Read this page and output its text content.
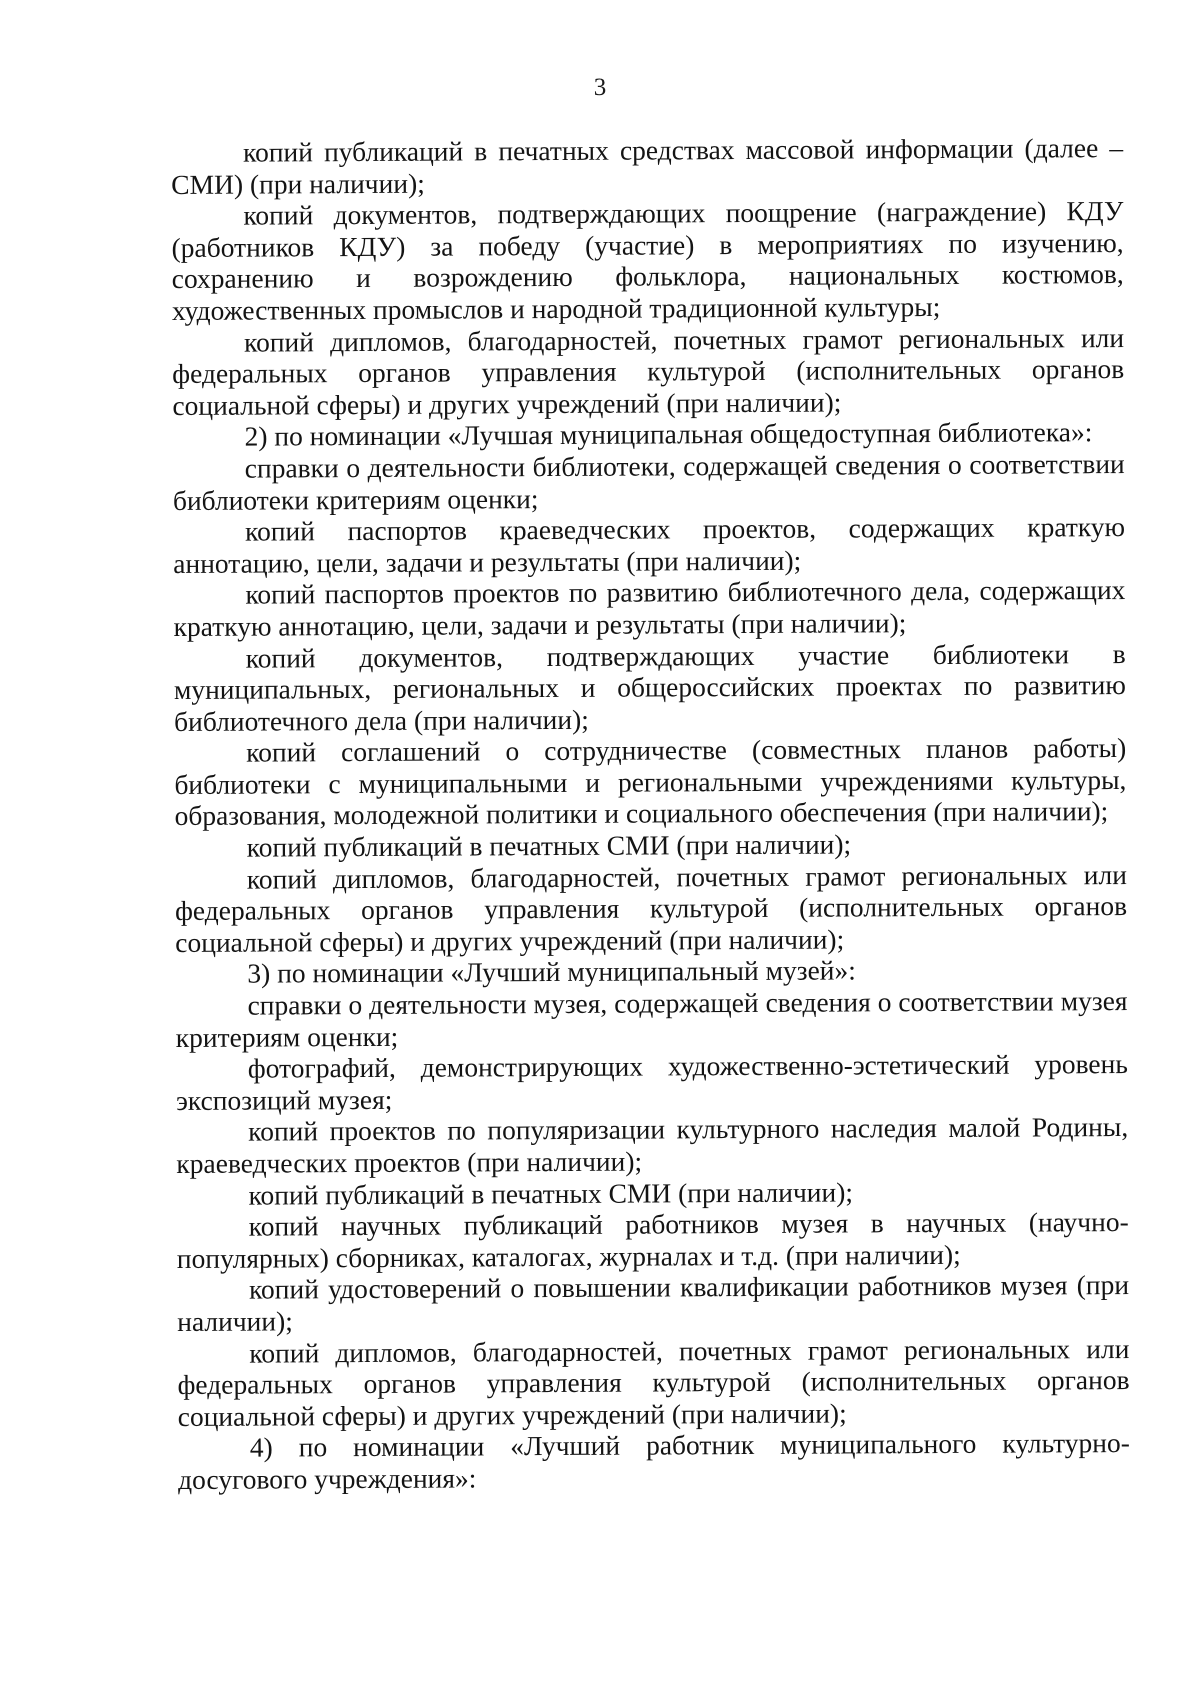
3

копий публикаций в печатных средствах массовой информации (далее – СМИ) (при наличии);

копий документов, подтверждающих поощрение (награждение) КДУ (работников КДУ) за победу (участие) в мероприятиях по изучению, сохранению и возрождению фольклора, национальных костюмов, художественных промыслов и народной традиционной культуры;

копий дипломов, благодарностей, почетных грамот региональных или федеральных органов управления культурой (исполнительных органов социальной сферы) и других учреждений (при наличии);

2) по номинации «Лучшая муниципальная общедоступная библиотека»:

справки о деятельности библиотеки, содержащей сведения о соответствии библиотеки критериям оценки;

копий паспортов краеведческих проектов, содержащих краткую аннотацию, цели, задачи и результаты (при наличии);

копий паспортов проектов по развитию библиотечного дела, содержащих краткую аннотацию, цели, задачи и результаты (при наличии);

копий документов, подтверждающих участие библиотеки в муниципальных, региональных и общероссийских проектах по развитию библиотечного дела (при наличии);

копий соглашений о сотрудничестве (совместных планов работы) библиотеки с муниципальными и региональными учреждениями культуры, образования, молодежной политики и социального обеспечения (при наличии);

копий публикаций в печатных СМИ (при наличии);

копий дипломов, благодарностей, почетных грамот региональных или федеральных органов управления культурой (исполнительных органов социальной сферы) и других учреждений (при наличии);

3) по номинации «Лучший муниципальный музей»:

справки о деятельности музея, содержащей сведения о соответствии музея критериям оценки;

фотографий, демонстрирующих художественно-эстетический уровень экспозиций музея;

копий проектов по популяризации культурного наследия малой Родины, краеведческих проектов (при наличии);

копий публикаций в печатных СМИ (при наличии);

копий научных публикаций работников музея в научных (научно-популярных) сборниках, каталогах, журналах и т.д. (при наличии);

копий удостоверений о повышении квалификации работников музея (при наличии);

копий дипломов, благодарностей, почетных грамот региональных или федеральных органов управления культурой (исполнительных органов социальной сферы) и других учреждений (при наличии);

4) по номинации «Лучший работник муниципального культурно-досугового учреждения»:
